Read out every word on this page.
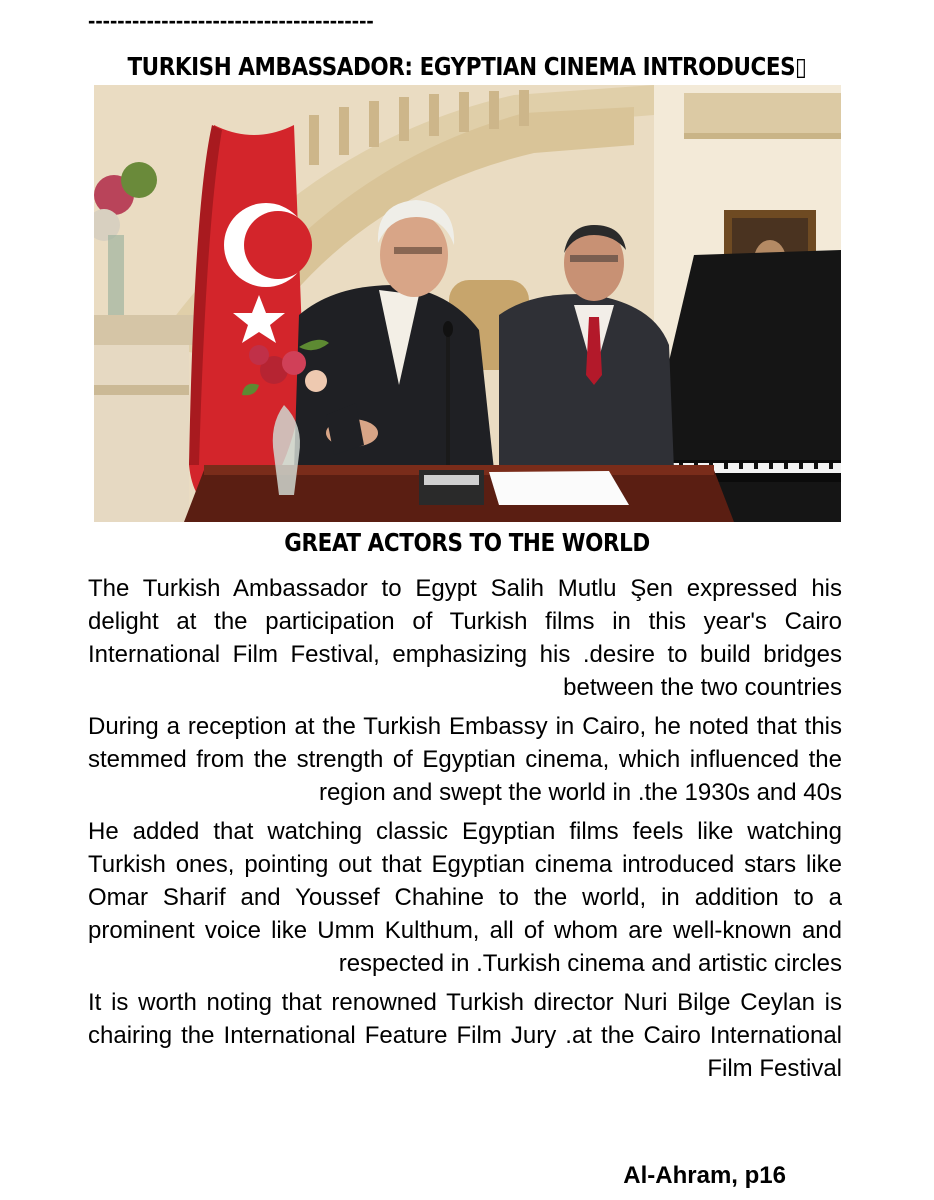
---------------------------------------
TURKISH AMBASSADOR: EGYPTIAN CINEMA INTRODUCES▯
GREAT ACTORS TO THE WORLD

The Turkish Ambassador to Egypt Salih Mutlu Şen expressed his delight at the participation of Turkish films in this year's Cairo International Film Festival, emphasizing his .desire to build bridges between the two countries

During a reception at the Turkish Embassy in Cairo, he noted that this stemmed from the strength of Egyptian cinema, which influenced the region and swept the world in .the 1930s and 40s

He added that watching classic Egyptian films feels like watching Turkish ones, pointing out that Egyptian cinema introduced stars like Omar Sharif and Youssef Chahine to the world, in addition to a prominent voice like Umm Kulthum, all of whom are well-known and respected in .Turkish cinema and artistic circles

It is worth noting that renowned Turkish director Nuri Bilge Ceylan is chairing the International Feature Film Jury .at the Cairo International Film Festival

Al-Ahram, p16
